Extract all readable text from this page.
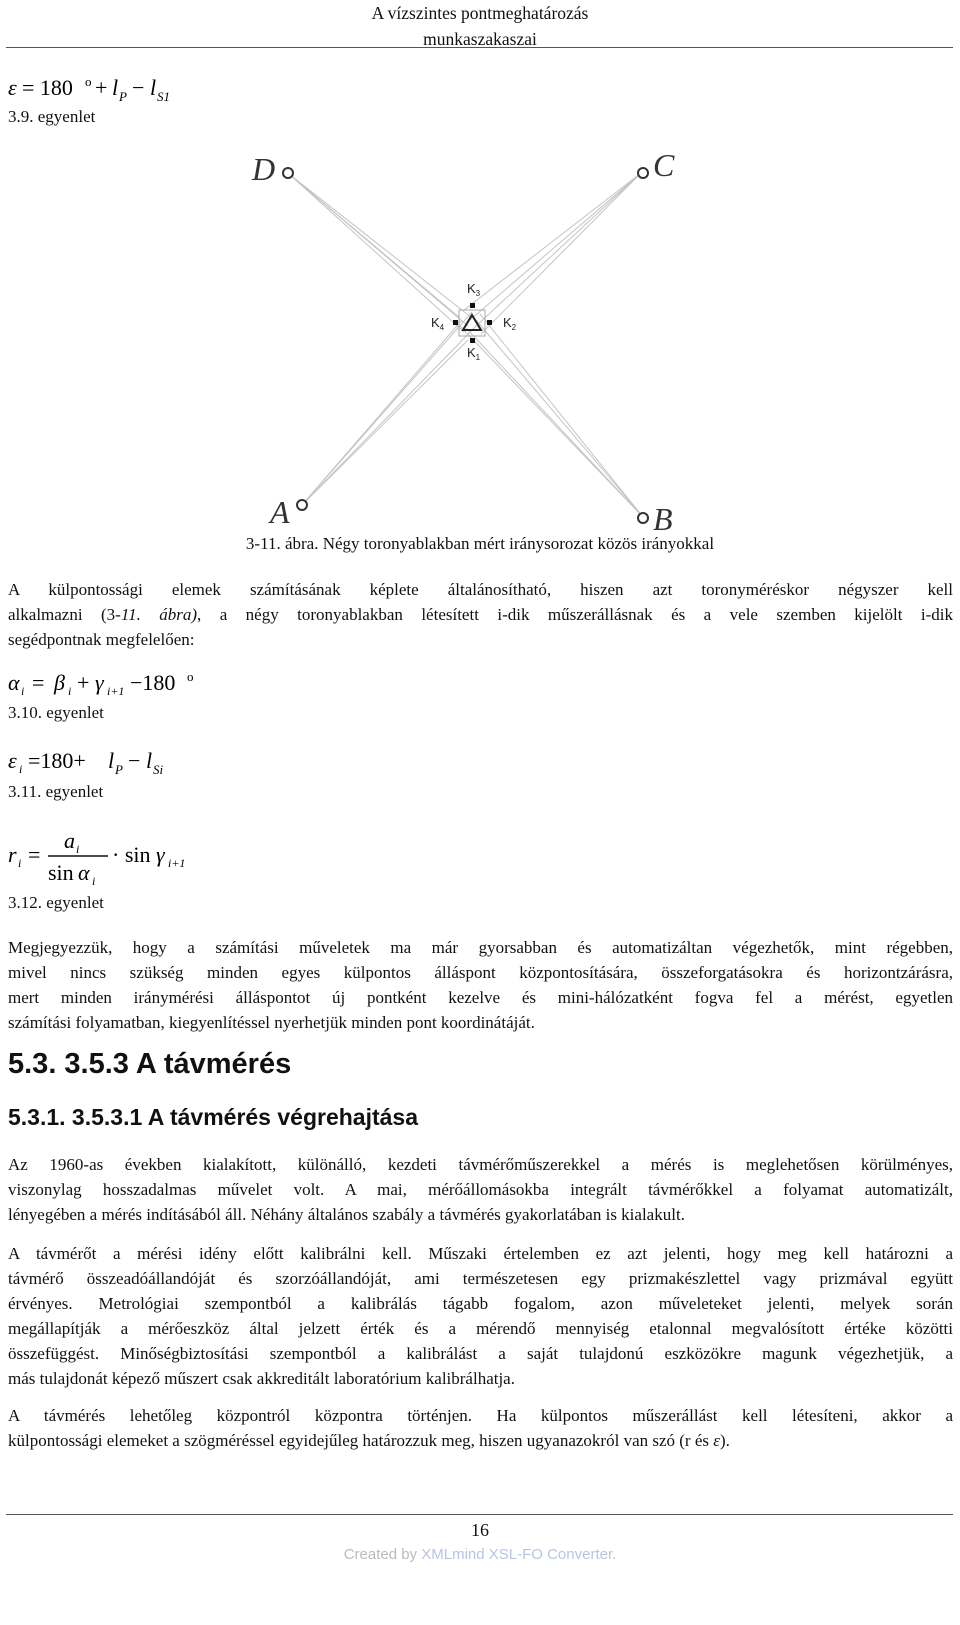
A vízszintes pontmeghatározás
munkaszakaszai
ε = 180 o + l P − l S1
3.9. egyenlet
D	C
A	B
$K_3$
$K_1$
$K_4$	$K_2$
3-11. ábra. Négy toronyablakban mért iránysorozat közös irányokkal
A külpontossági elemek számításának képlete általánosítható, hiszen azt toronyméréskor négyszer kell
alkalmazni (3-11. ábra), a négy toronyablakban létesített i-dik műszerállásnak és a vele szemben kijelölt i-dik
segédpontnak megfelelően:
α i = β i + γ i+1 −180 o
3.10. egyenlet
ε i =180+ l P − l Si
3.11. egyenlet
r i =
a i
sin α i
· sin γ i+1
3.12. egyenlet
Megjegyezzük, hogy a számítási műveletek ma már gyorsabban és automatizáltan végezhetők, mint régebben,
mivel nincs szükség minden egyes külpontos álláspont központosítására, összeforgatásokra és horizontzárásra,
mert minden iránymérési álláspontot új pontként kezelve és mini-hálózatként fogva fel a mérést, egyetlen
számítási folyamatban, kiegyenlítéssel nyerhetjük minden pont koordinátáját.
5.3. 3.5.3 A távmérés
5.3.1. 3.5.3.1 A távmérés végrehajtása
Az 1960-as években kialakított, különálló, kezdeti távmérőműszerekkel a mérés is meglehetősen körülményes,
viszonylag hosszadalmas művelet volt. A mai, mérőállomásokba integrált távmérőkkel a folyamat automatizált,
lényegében a mérés indításából áll. Néhány általános szabály a távmérés gyakorlatában is kialakult.
A távmérőt a mérési idény előtt kalibrálni kell. Műszaki értelemben ez azt jelenti, hogy meg kell határozni a
távmérő összeadóállandóját és szorzóállandóját, ami természetesen egy prizmakészlettel vagy prizmával együtt
érvényes. Metrológiai szempontból a kalibrálás tágabb fogalom, azon műveleteket jelenti, melyek során
megállapítják a mérőeszköz által jelzett érték és a mérendő mennyiség etalonnal megvalósított értéke közötti
összefüggést. Minőségbiztosítási szempontból a kalibrálást a saját tulajdonú eszközökre magunk végezhetjük, a
más tulajdonát képező műszert csak akkreditált laboratórium kalibrálhatja.
A távmérés lehetőleg központról központra történjen. Ha külpontos műszerállást kell létesíteni, akkor a
külpontossági elemeket a szögméréssel egyidejűleg határozzuk meg, hiszen ugyanazokról van szó (r és ε).
16
Created by XMLmind XSL-FO Converter.
